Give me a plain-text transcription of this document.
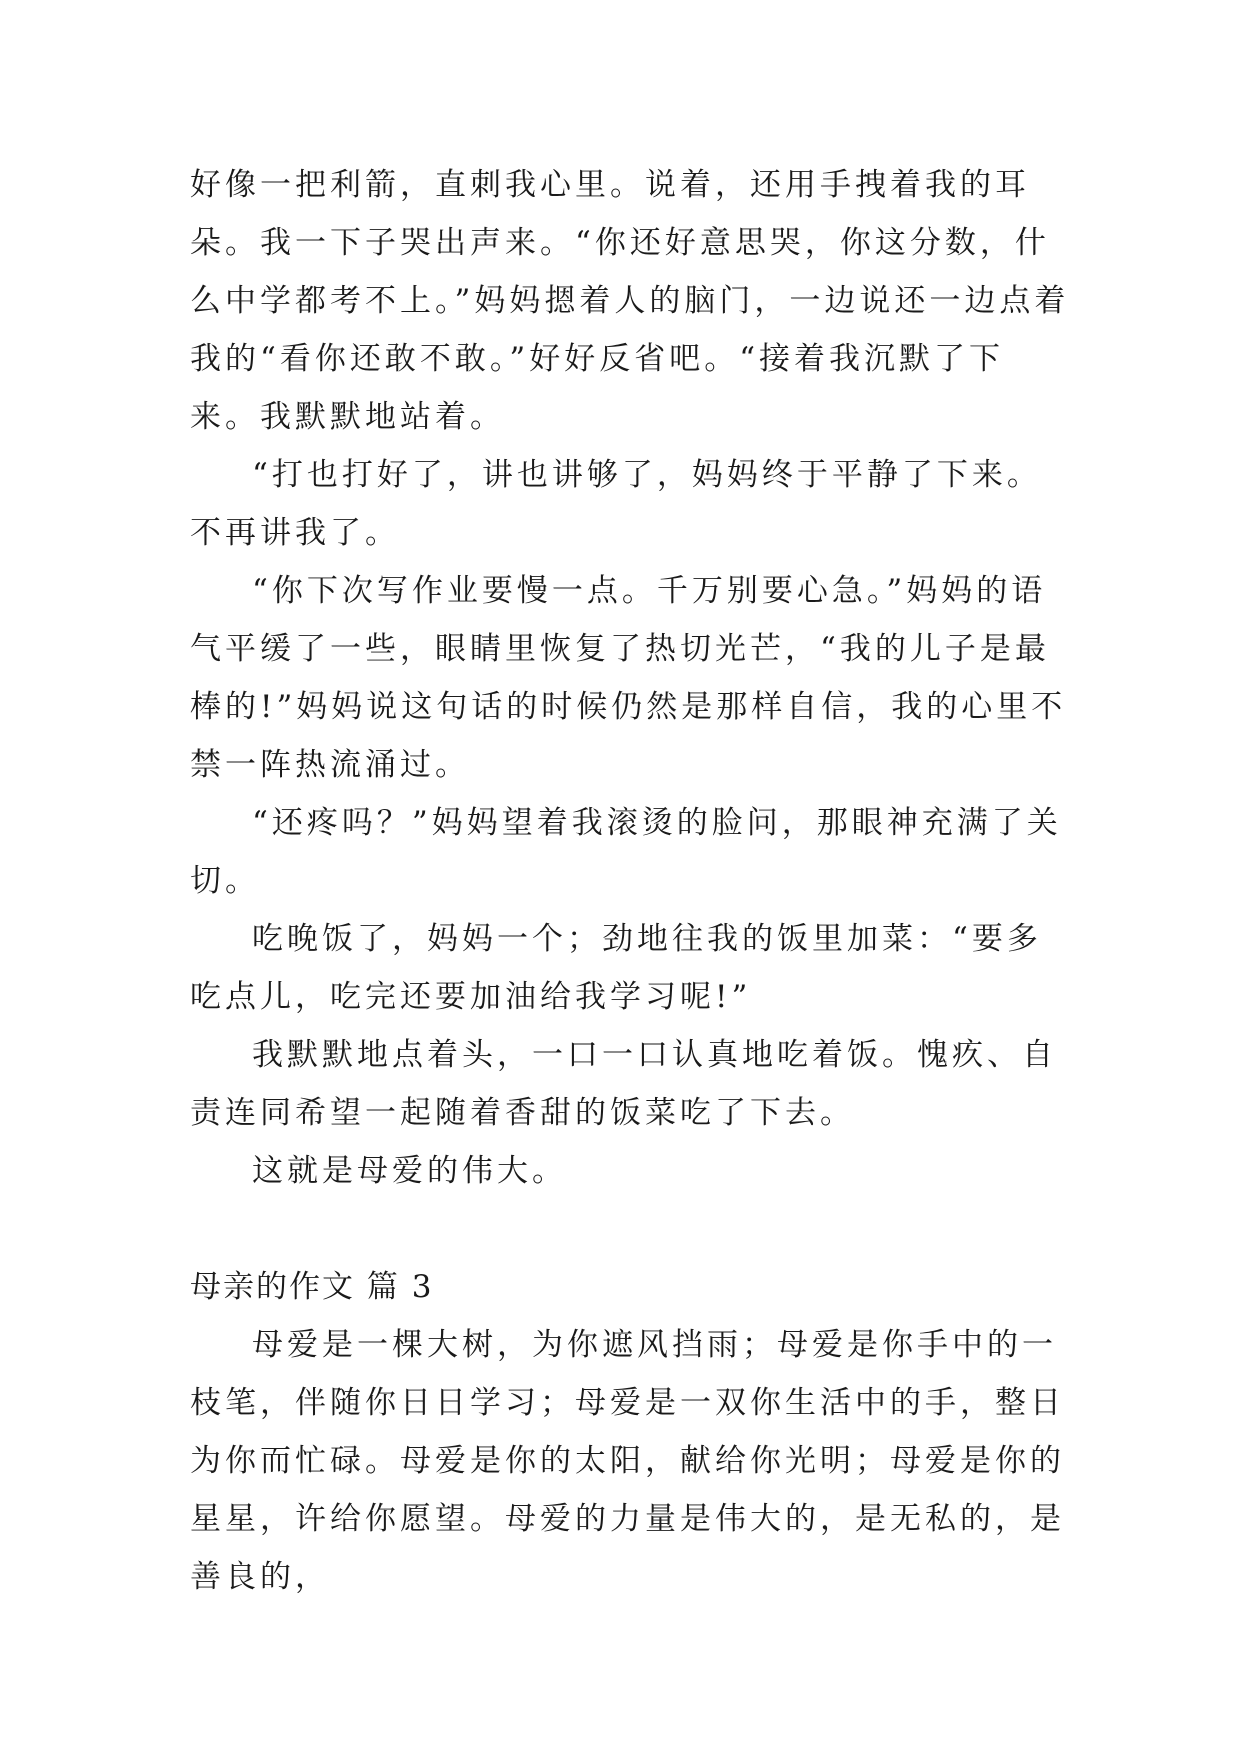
好像一把利箭，直刺我心里。说着，还用手拽着我的耳朵。我一下子哭出声来。“你还好意思哭，你这分数，什么中学都考不上。”妈妈摁着人的脑门，一边说还一边点着我的“看你还敢不敢。”好好反省吧。“接着我沉默了下来。我默默地站着。

“打也打好了，讲也讲够了，妈妈终于平静了下来。不再讲我了。

“你下次写作业要慢一点。千万别要心急。”妈妈的语气平缓了一些，眼睛里恢复了热切光芒，“我的儿子是最棒的!”妈妈说这句话的时候仍然是那样自信，我的心里不禁一阵热流涌过。

“还疼吗？”妈妈望着我滚烫的脸问，那眼神充满了关切。

吃晚饭了，妈妈一个；劲地往我的饭里加菜：“要多吃点儿，吃完还要加油给我学习呢!”

我默默地点着头，一口一口认真地吃着饭。愧疚、自责连同希望一起随着香甜的饭菜吃了下去。

这就是母爱的伟大。

母亲的作文 篇 3

母爱是一棵大树，为你遮风挡雨；母爱是你手中的一枝笔，伴随你日日学习；母爱是一双你生活中的手，整日为你而忙碌。母爱是你的太阳，献给你光明；母爱是你的星星，许给你愿望。母爱的力量是伟大的，是无私的，是善良的，
